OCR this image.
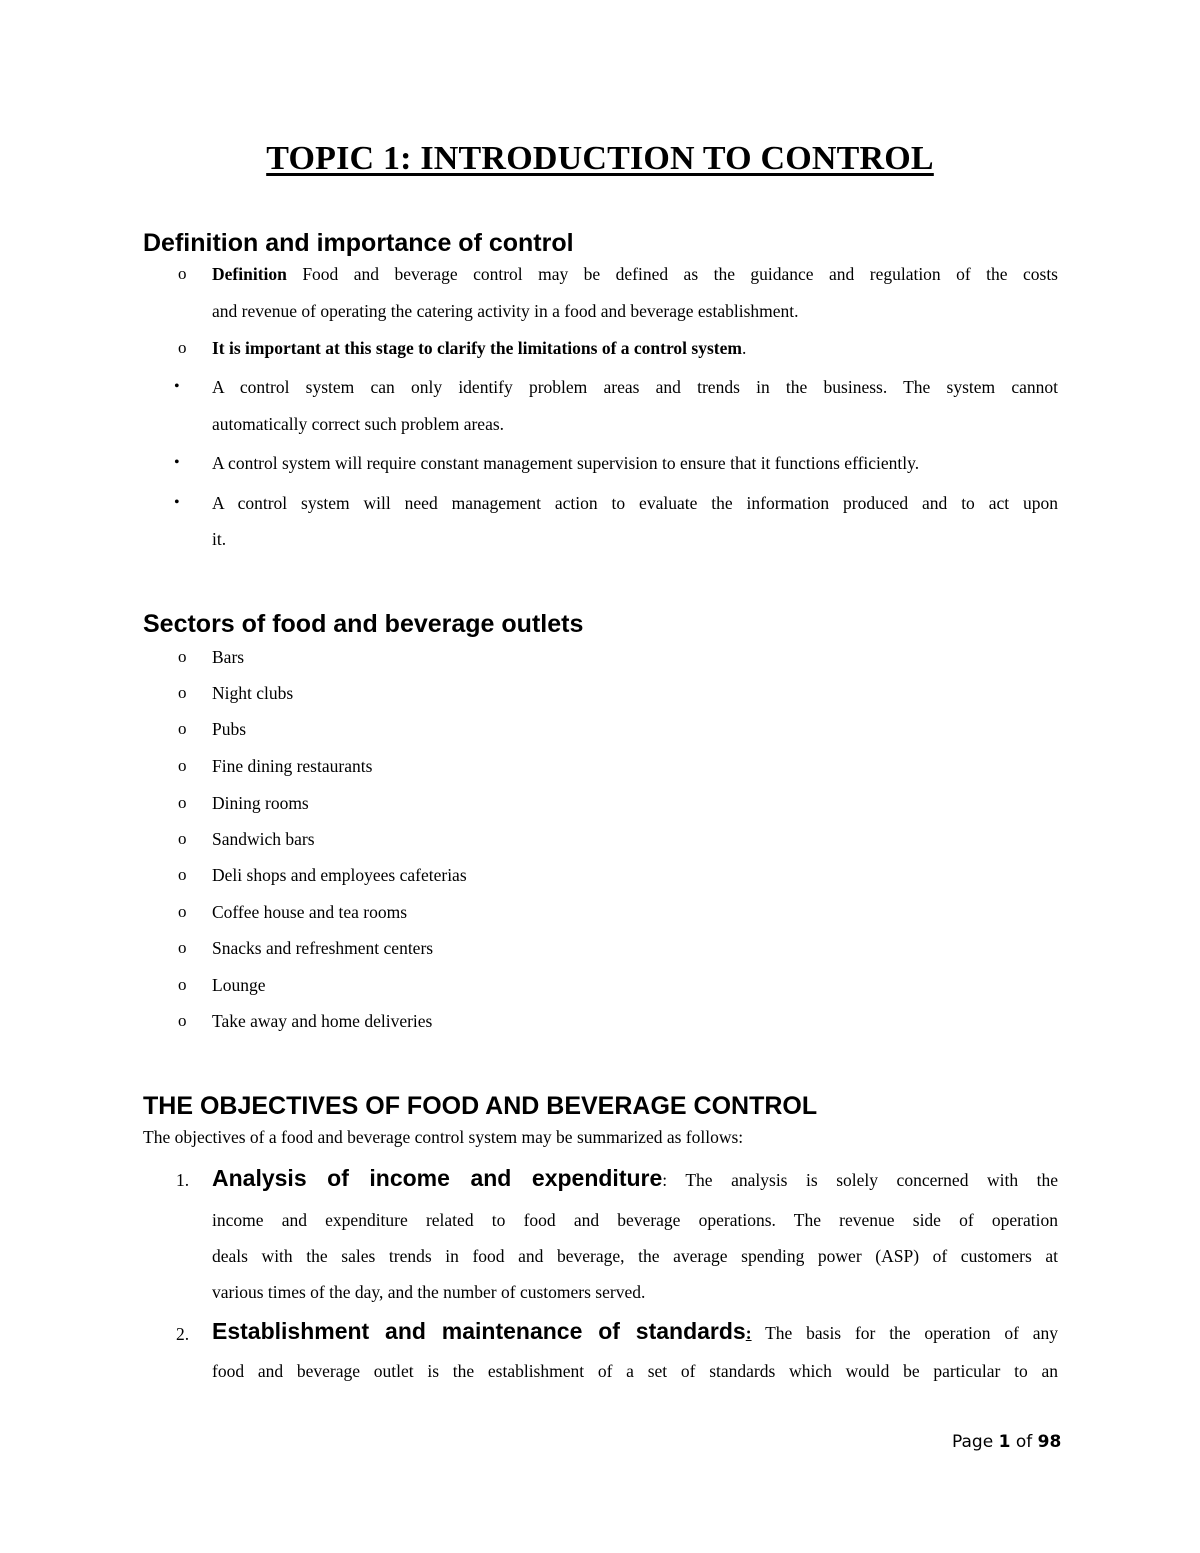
TOPIC 1: INTRODUCTION TO CONTROL
Definition and importance of control
o Definition Food and beverage control may be defined as the guidance and regulation of the costs
and revenue of operating the catering activity in a food and beverage establishment.
o It is important at this stage to clarify the limitations of a control system.
• A control system can only identify problem areas and trends in the business. The system cannot
automatically correct such problem areas.
• A control system will require constant management supervision to ensure that it functions efficiently.
• A control system will need management action to evaluate the information produced and to act upon
it.
Sectors of food and beverage outlets
o Bars
o Night clubs
o Pubs
o Fine dining restaurants
o Dining rooms
o Sandwich bars
o Deli shops and employees cafeterias
o Coffee house and tea rooms
o Snacks and refreshment centers
o Lounge
o Take away and home deliveries
THE OBJECTIVES OF FOOD AND BEVERAGE CONTROL
The objectives of a food and beverage control system may be summarized as follows:
1. Analysis of income and expenditure: The analysis is solely concerned with the
income and expenditure related to food and beverage operations. The revenue side of operation
deals with the sales trends in food and beverage, the average spending power (ASP) of customers at
various times of the day, and the number of customers served.
2. Establishment and maintenance of standards: The basis for the operation of any
food and beverage outlet is the establishment of a set of standards which would be particular to an
Page 1 of 98
